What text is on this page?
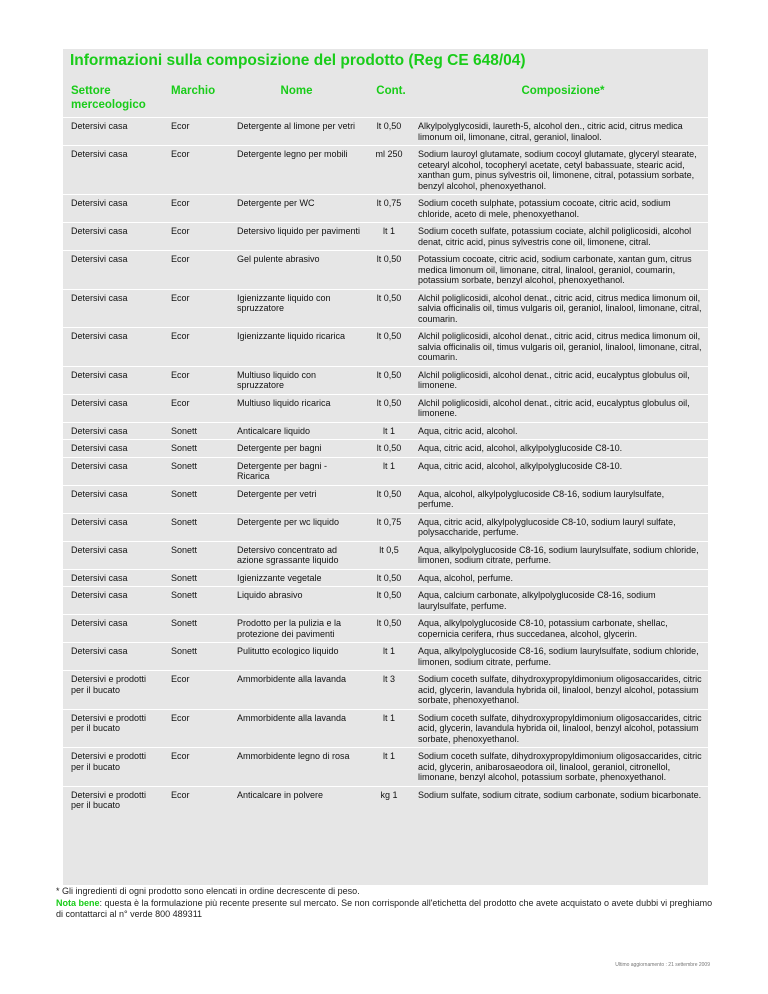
Informazioni sulla composizione del prodotto (Reg CE 648/04)
Settore merceologico	Marchio	Nome	Cont.	Composizione*
Detersivi casa	Ecor	Detergente al limone per vetri	lt 0,50	Alkylpolyglycosidi, laureth-5, alcohol den., citric acid, citrus medica limonum oil, limonane, citral, geraniol, linalool.
Detersivi casa	Ecor	Detergente legno per mobili	ml 250	Sodium lauroyl glutamate, sodium cocoyl glutamate, glyceryl stearate, cetearyl alcohol, tocopheryl acetate, cetyl babassuate, stearic acid, xanthan gum, pinus sylvestris oil, limonene, citral, potassium sorbate, benzyl alcohol, phenoxyethanol.
Detersivi casa	Ecor	Detergente per WC	lt 0,75	Sodium coceth sulphate, potassium cocoate, citric acid, sodium chloride, aceto di mele, phenoxyethanol.
Detersivi casa	Ecor	Detersivo liquido per pavimenti	lt 1	Sodium coceth sulfate, potassium cociate, alchil poliglicosidi, alcohol denat, citric acid, pinus sylvestris cone oil, limonene, citral.
Detersivi casa	Ecor	Gel pulente abrasivo	lt 0,50	Potassium cocoate, citric acid, sodium carbonate, xantan gum, citrus medica limonum oil, limonane, citral, linalool, geraniol, coumarin, potassium sorbate, benzyl alcohol, phenoxyethanol.
Detersivi casa	Ecor	Igienizzante liquido con spruzzatore	lt 0,50	Alchil poliglicosidi, alcohol denat., citric acid, citrus medica limonum oil, salvia officinalis oil, timus vulgaris oil, geraniol, linalool, limonane, citral, coumarin.
Detersivi casa	Ecor	Igienizzante liquido ricarica	lt 0,50	Alchil poliglicosidi, alcohol denat., citric acid, citrus medica limonum oil, salvia officinalis oil, timus vulgaris oil, geraniol, linalool, limonane, citral, coumarin.
Detersivi casa	Ecor	Multiuso liquido con spruzzatore	lt 0,50	Alchil poliglicosidi, alcohol denat., citric acid, eucalyptus globulus oil, limonene.
Detersivi casa	Ecor	Multiuso liquido ricarica	lt 0,50	Alchil poliglicosidi, alcohol denat., citric acid, eucalyptus globulus oil, limonene.
Detersivi casa	Sonett	Anticalcare liquido	lt 1	Aqua, citric acid, alcohol.
Detersivi casa	Sonett	Detergente per bagni	lt 0,50	Aqua, citric acid, alcohol, alkylpolyglucoside C8-10.
Detersivi casa	Sonett	Detergente per bagni - Ricarica	lt 1	Aqua, citric acid, alcohol, alkylpolyglucoside C8-10.
Detersivi casa	Sonett	Detergente per vetri	lt 0,50	Aqua, alcohol, alkylpolyglucoside C8-16, sodium laurylsulfate, perfume.
Detersivi casa	Sonett	Detergente per wc liquido	lt 0,75	Aqua, citric acid, alkylpolyglucoside C8-10, sodium lauryl sulfate, polysaccharide, perfume.
Detersivi casa	Sonett	Detersivo concentrato ad azione sgrassante liquido	lt 0,5	Aqua, alkylpolyglucoside C8-16, sodium laurylsulfate, sodium chloride, limonen, sodium citrate, perfume.
Detersivi casa	Sonett	Igienizzante vegetale	lt 0,50	Aqua, alcohol, perfume.
Detersivi casa	Sonett	Liquido abrasivo	lt 0,50	Aqua, calcium carbonate, alkylpolyglucoside C8-16, sodium laurylsulfate, perfume.
Detersivi casa	Sonett	Prodotto per la pulizia e la protezione dei pavimenti	lt 0,50	Aqua, alkylpolyglucoside C8-10, potassium carbonate, shellac, copernicia cerifera, rhus succedanea, alcohol, glycerin.
Detersivi casa	Sonett	Pulitutto ecologico liquido	lt 1	Aqua, alkylpolyglucoside C8-16, sodium laurylsulfate, sodium chloride, limonen, sodium citrate, perfume.
Detersivi e prodotti per il bucato	Ecor	Ammorbidente alla lavanda	lt 3	Sodium coceth sulfate, dihydroxypropyldimonium oligosaccarides, citric acid, glycerin, lavandula hybrida oil, linalool, benzyl alcohol, potassium sorbate, phenoxyethanol.
Detersivi e prodotti per il bucato	Ecor	Ammorbidente alla lavanda	lt 1	Sodium coceth sulfate, dihydroxypropyldimonium oligosaccarides, citric acid, glycerin, lavandula hybrida oil, linalool, benzyl alcohol, potassium sorbate, phenoxyethanol.
Detersivi e prodotti per il bucato	Ecor	Ammorbidente legno di rosa	lt 1	Sodium coceth sulfate, dihydroxypropyldimonium oligosaccarides, citric acid, glycerin, anibarosaeodora oil, linalool, geraniol, citronellol, limonane, benzyl alcohol, potassium sorbate, phenoxyethanol.
Detersivi e prodotti per il bucato	Ecor	Anticalcare in polvere	kg 1	Sodium sulfate, sodium citrate, sodium carbonate, sodium bicarbonate.

* Gli ingredienti di ogni prodotto sono elencati in ordine decrescente di peso.
Nota bene: questa è la formulazione più recente presente sul mercato. Se non corrisponde all'etichetta del prodotto che avete acquistato o avete dubbi vi preghiamo di contattarci al n° verde 800 489311

Ultimo aggiornamento : 21 settembre 2009
